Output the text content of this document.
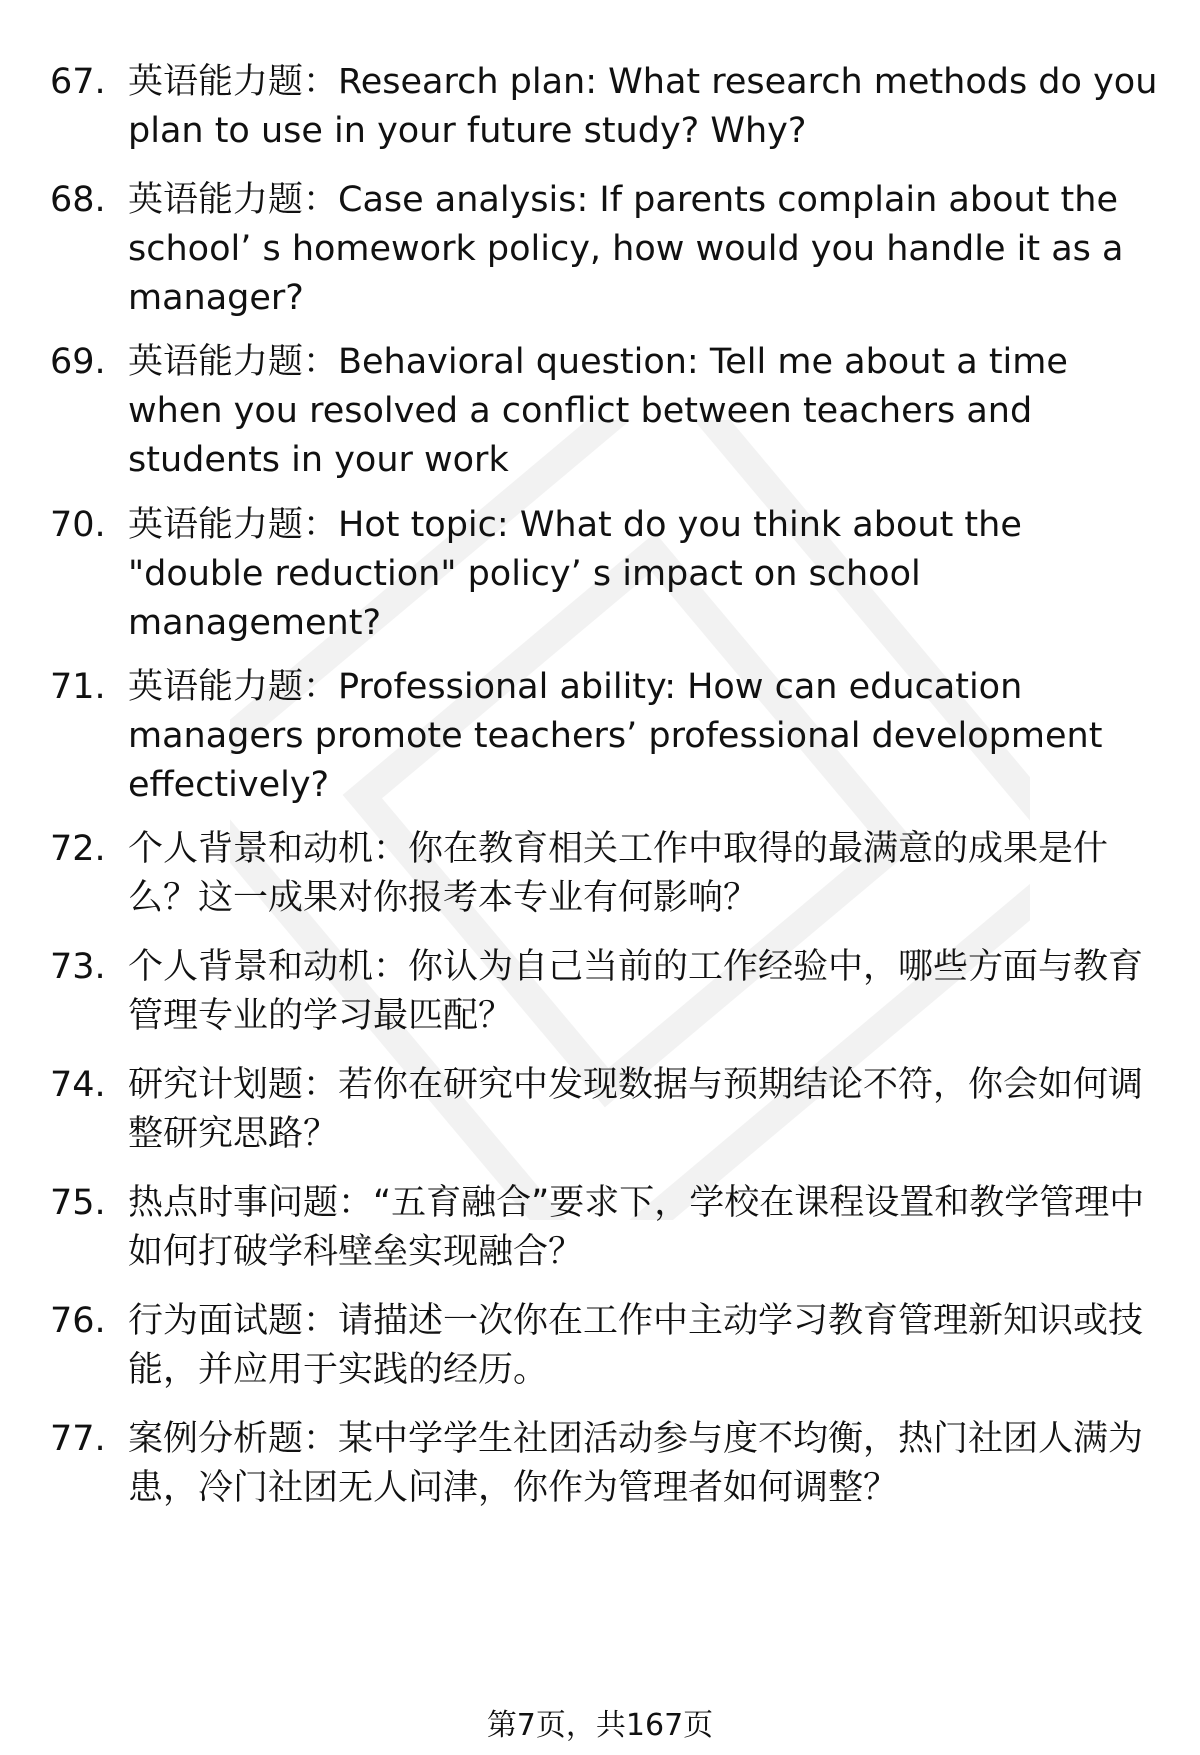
67. 英语能力题：Research plan: What research methods do you plan to use in your future study? Why?
68. 英语能力题：Case analysis: If parents complain about the school’ s homework policy, how would you handle it as a manager?
69. 英语能力题：Behavioral question: Tell me about a time when you resolved a conflict between teachers and students in your work
70. 英语能力题：Hot topic: What do you think about the "double reduction" policy’ s impact on school management?
71. 英语能力题：Professional ability: How can education managers promote teachers’ professional development effectively?
72. 个人背景和动机：你在教育相关工作中取得的最满意的成果是什么？这一成果对你报考本专业有何影响？
73. 个人背景和动机：你认为自己当前的工作经验中，哪些方面与教育管理专业的学习最匹配？
74. 研究计划题：若你在研究中发现数据与预期结论不符，你会如何调整研究思路？
75. 热点时事问题：“五育融合”要求下，学校在课程设置和教学管理中如何打破学科壁垒实现融合？
76. 行为面试题：请描述一次你在工作中主动学习教育管理新知识或技能，并应用于实践的经历。
77. 案例分析题：某中学学生社团活动参与度不均衡，热门社团人满为患，冷门社团无人问津，你作为管理者如何调整？
第7页，共167页
